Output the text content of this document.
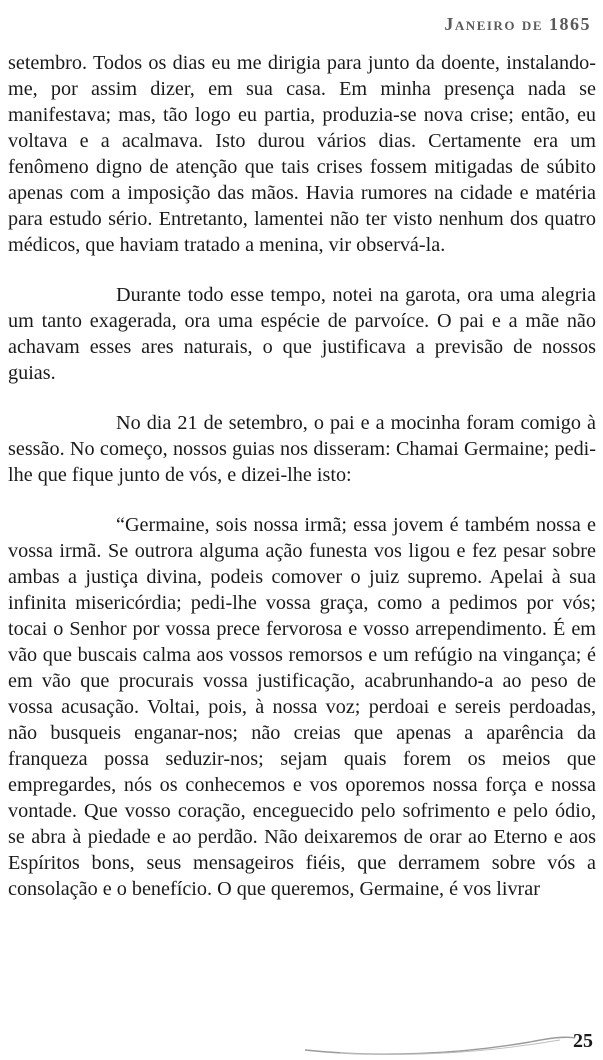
Janeiro de 1865

setembro. Todos os dias eu me dirigia para junto da doente, instalando-me, por assim dizer, em sua casa. Em minha presença nada se manifestava; mas, tão logo eu partia, produzia-se nova crise; então, eu voltava e a acalmava. Isto durou vários dias. Certamente era um fenômeno digno de atenção que tais crises fossem mitigadas de súbito apenas com a imposição das mãos. Havia rumores na cidade e matéria para estudo sério. Entretanto, lamentei não ter visto nenhum dos quatro médicos, que haviam tratado a menina, vir observá-la.

Durante todo esse tempo, notei na garota, ora uma alegria um tanto exagerada, ora uma espécie de parvoíce. O pai e a mãe não achavam esses ares naturais, o que justificava a previsão de nossos guias.

No dia 21 de setembro, o pai e a mocinha foram comigo à sessão. No começo, nossos guias nos disseram: Chamai Germaine; pedi-lhe que fique junto de vós, e dizei-lhe isto:

“Germaine, sois nossa irmã; essa jovem é também nossa e vossa irmã. Se outrora alguma ação funesta vos ligou e fez pesar sobre ambas a justiça divina, podeis comover o juiz supremo. Apelai à sua infinita misericórdia; pedi-lhe vossa graça, como a pedimos por vós; tocai o Senhor por vossa prece fervorosa e vosso arrependimento. É em vão que buscais calma aos vossos remorsos e um refúgio na vingança; é em vão que procurais vossa justificação, acabrunhando-a ao peso de vossa acusação. Voltai, pois, à nossa voz; perdoai e sereis perdoadas, não busqueis enganar-nos; não creias que apenas a aparência da franqueza possa seduzir-nos; sejam quais forem os meios que empregardes, nós os conhecemos e vos oporemos nossa força e nossa vontade. Que vosso coração, enceguecido pelo sofrimento e pelo ódio, se abra à piedade e ao perdão. Não deixaremos de orar ao Eterno e aos Espíritos bons, seus mensageiros fiéis, que derramem sobre vós a consolação e o benefício. O que queremos, Germaine, é vos livrar

25
